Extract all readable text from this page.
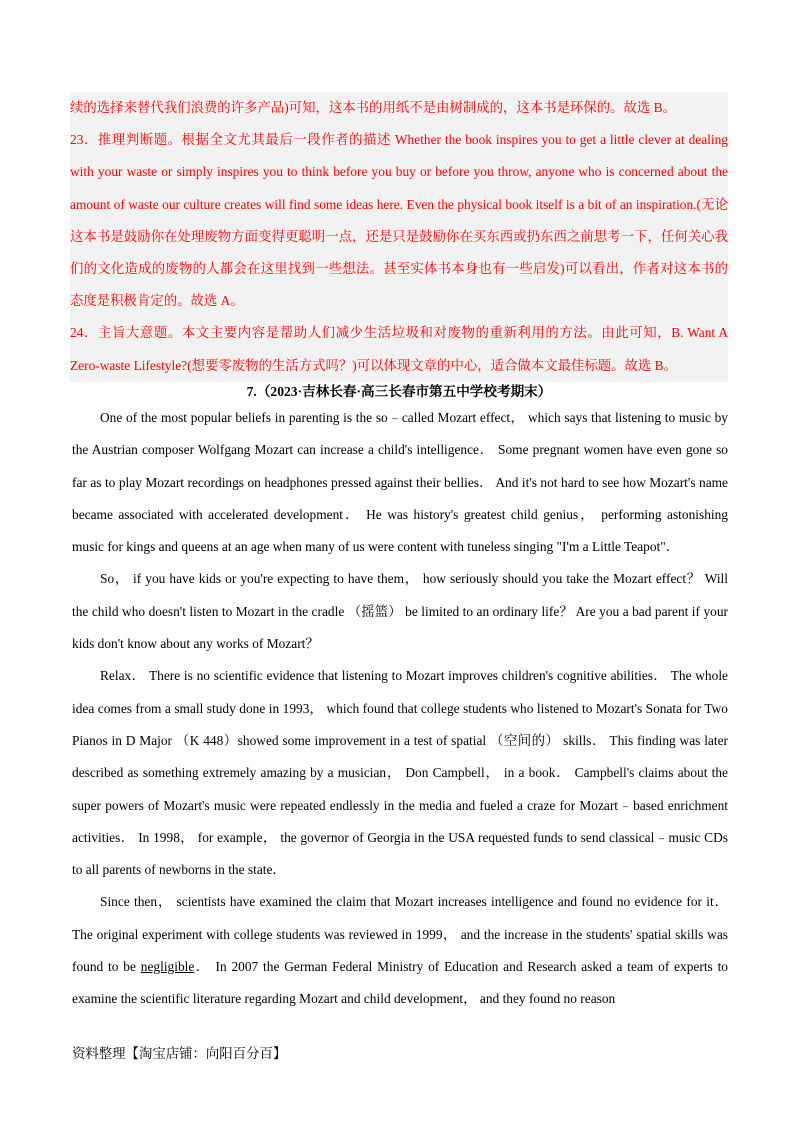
续的选择来替代我们浪费的许多产品)可知，这本书的用纸不是由树制成的，这本书是环保的。故选 B。

23．推理判断题。根据全文尤其最后一段作者的描述 Whether the book inspires you to get a little clever at dealing with your waste or simply inspires you to think before you buy or before you throw, anyone who is concerned about the amount of waste our culture creates will find some ideas here. Even the physical book itself is a bit of an inspiration.(无论这本书是鼓励你在处理废物方面变得更聪明一点，还是只是鼓励你在买东西或扔东西之前思考一下，任何关心我们的文化造成的废物的人都会在这里找到一些想法。甚至实体书本身也有一些启发)可以看出，作者对这本书的态度是积极肯定的。故选 A。

24．主旨大意题。本文主要内容是帮助人们减少生活垃圾和对废物的重新利用的方法。由此可知，B. Want A Zero-waste Lifestyle?(想要零废物的生活方式吗？)可以体现文章的中心，适合做本文最佳标题。故选 B。

7.（2023·吉林长春·高三长春市第五中学校考期末）

One of the most popular beliefs in parenting is the so﹣called Mozart effect， which says that listening to music by the Austrian composer Wolfgang Mozart can increase a child's intelligence． Some pregnant women have even gone so far as to play Mozart recordings on headphones pressed against their bellies． And it's not hard to see how Mozart's name became associated with accelerated development． He was history's greatest child genius， performing astonishing music for kings and queens at an age when many of us were content with tuneless singing "I'm a Little Teapot"．

So， if you have kids or you're expecting to have them， how seriously should you take the Mozart effect？ Will the child who doesn't listen to Mozart in the cradle （摇篮） be limited to an ordinary life？ Are you a bad parent if your kids don't know about any works of Mozart？

Relax． There is no scientific evidence that listening to Mozart improves children's cognitive abilities． The whole idea comes from a small study done in 1993， which found that college students who listened to Mozart's Sonata for Two Pianos in D Major （K 448）showed some improvement in a test of spatial （空间的） skills． This finding was later described as something extremely amazing by a musician， Don Campbell， in a book． Campbell's claims about the super powers of Mozart's music were repeated endlessly in the media and fueled a craze for Mozart﹣based enrichment activities． In 1998， for example， the governor of Georgia in the USA requested funds to send classical﹣music CDs to all parents of newborns in the state．

Since then， scientists have examined the claim that Mozart increases intelligence and found no evidence for it． The original experiment with college students was reviewed in 1999， and the increase in the students' spatial skills was found to be negligible． In 2007 the German Federal Ministry of Education and Research asked a team of experts to examine the scientific literature regarding Mozart and child development， and they found no reason

资料整理【淘宝店铺：向阳百分百】
